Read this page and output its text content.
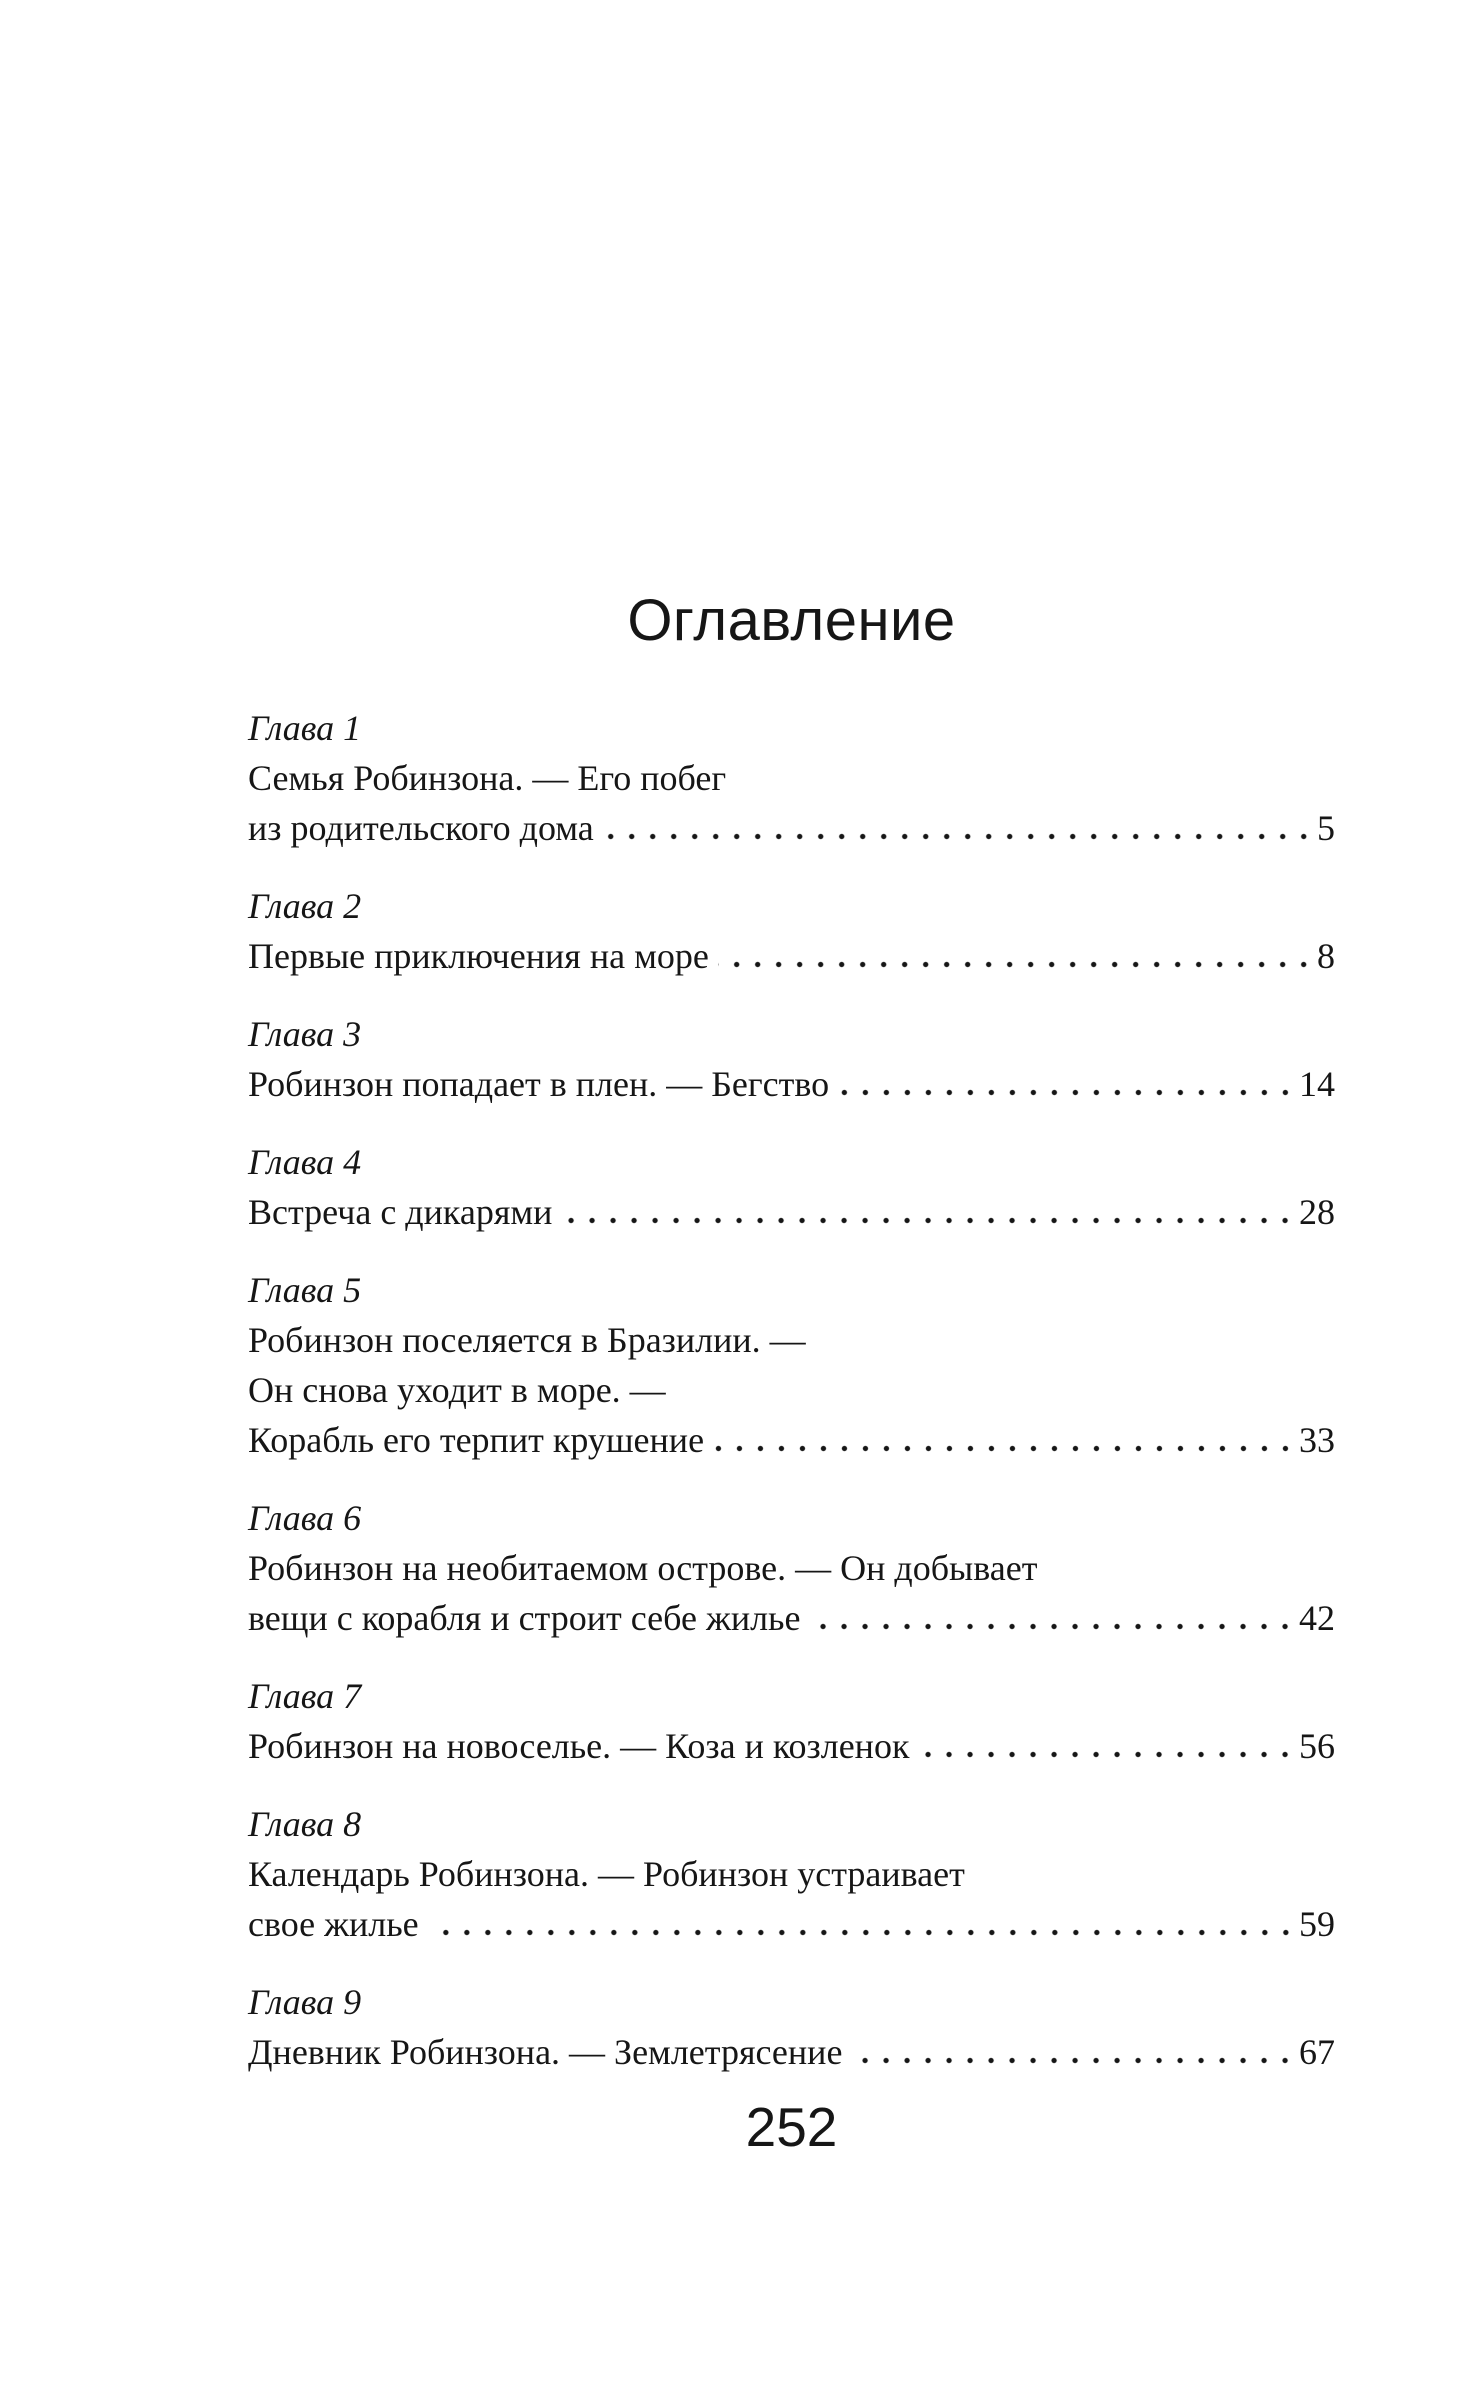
Оглавление
Глава 1
Семья Робинзона. — Его побег
из родительского дома	5
Глава 2
Первые приключения на море	8
Глава 3
Робинзон попадает в плен. — Бегство	14
Глава 4
Встреча с дикарями	28
Глава 5
Робинзон поселяется в Бразилии. —
Он снова уходит в море. —
Корабль его терпит крушение	33
Глава 6
Робинзон на необитаемом острове. — Он добывает
вещи с корабля и строит себе жилье	42
Глава 7
Робинзон на новоселье. — Коза и козленок	56
Глава 8
Календарь Робинзона. — Робинзон устраивает
свое жилье	59
Глава 9
Дневник Робинзона. — Землетрясение	67
252
